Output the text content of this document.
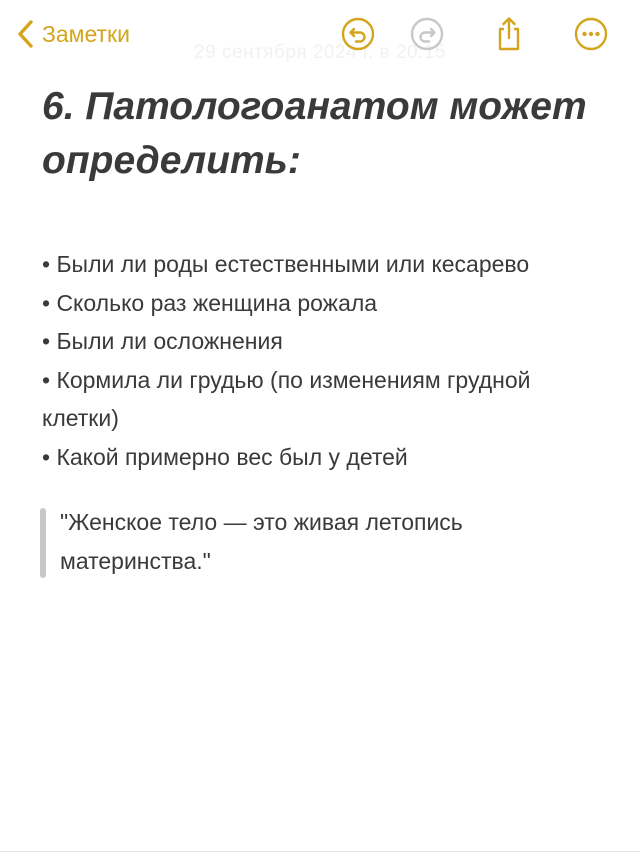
Заметки
29 сентября 2024 г. в 20:15
6. Патологоанатом может определить:
• Были ли роды естественными или кесарево
• Сколько раз женщина рожала
• Были ли осложнения
• Кормила ли грудью (по изменениям грудной
клетки)
• Какой примерно вес был у детей
"Женское тело — это живая летопись
материнства."
